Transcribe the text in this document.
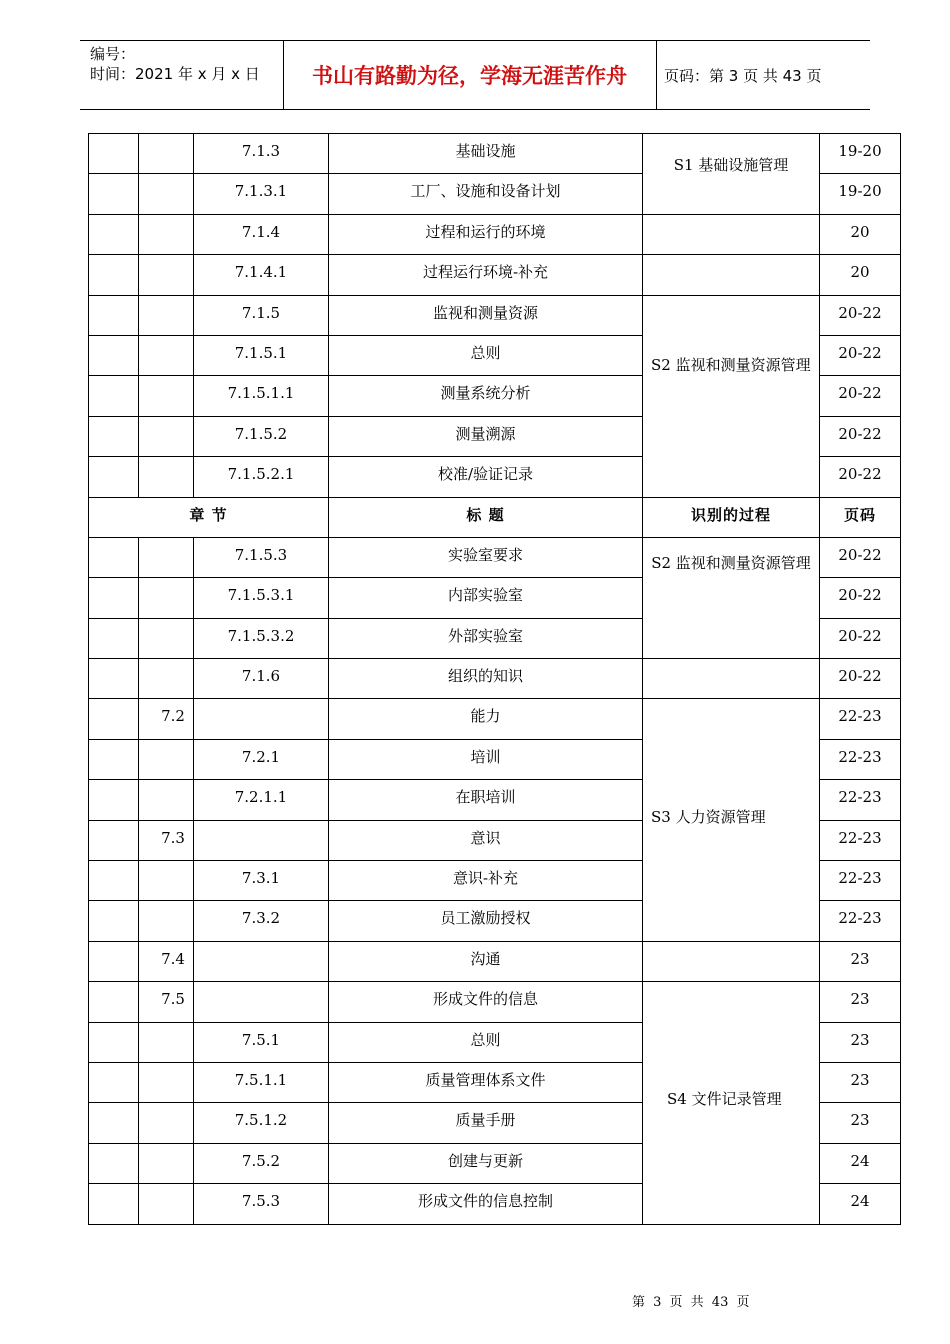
编号：
时间：2021 年 x 月 x 日	书山有路勤为径，学海无涯苦作舟	页码：第 3 页 共 43 页

		7.1.3	基础设施	S1 基础设施管理	19-20

		7.1.3.1	工厂、设施和设备计划		19-20

		7.1.4	过程和运行的环境		20

		7.1.4.1	过程运行环境-补充		20

		7.1.5	监视和测量资源	S2 监视和测量资源管理	20-22

		7.1.5.1	总则		20-22

		7.1.5.1.1	测量系统分析		20-22

		7.1.5.2	测量溯源		20-22

		7.1.5.2.1	校准/验证记录		20-22

章 节			标 题	识别的过程	页码

		7.1.5.3	实验室要求	S2 监视和测量资源管理	20-22

		7.1.5.3.1	内部实验室		20-22

		7.1.5.3.2	外部实验室		20-22

		7.1.6	组织的知识		20-22

	7.2		能力	S3 人力资源管理	22-23

		7.2.1	培训		22-23

		7.2.1.1	在职培训		22-23

	7.3		意识		22-23

		7.3.1	意识-补充		22-23

		7.3.2	员工激励授权		22-23

	7.4		沟通		23

	7.5		形成文件的信息	S4 文件记录管理	23

		7.5.1	总则		23

		7.5.1.1	质量管理体系文件		23

		7.5.1.2	质量手册		23

		7.5.2	创建与更新		24

		7.5.3	形成文件的信息控制		24
第 3 页 共 43 页
